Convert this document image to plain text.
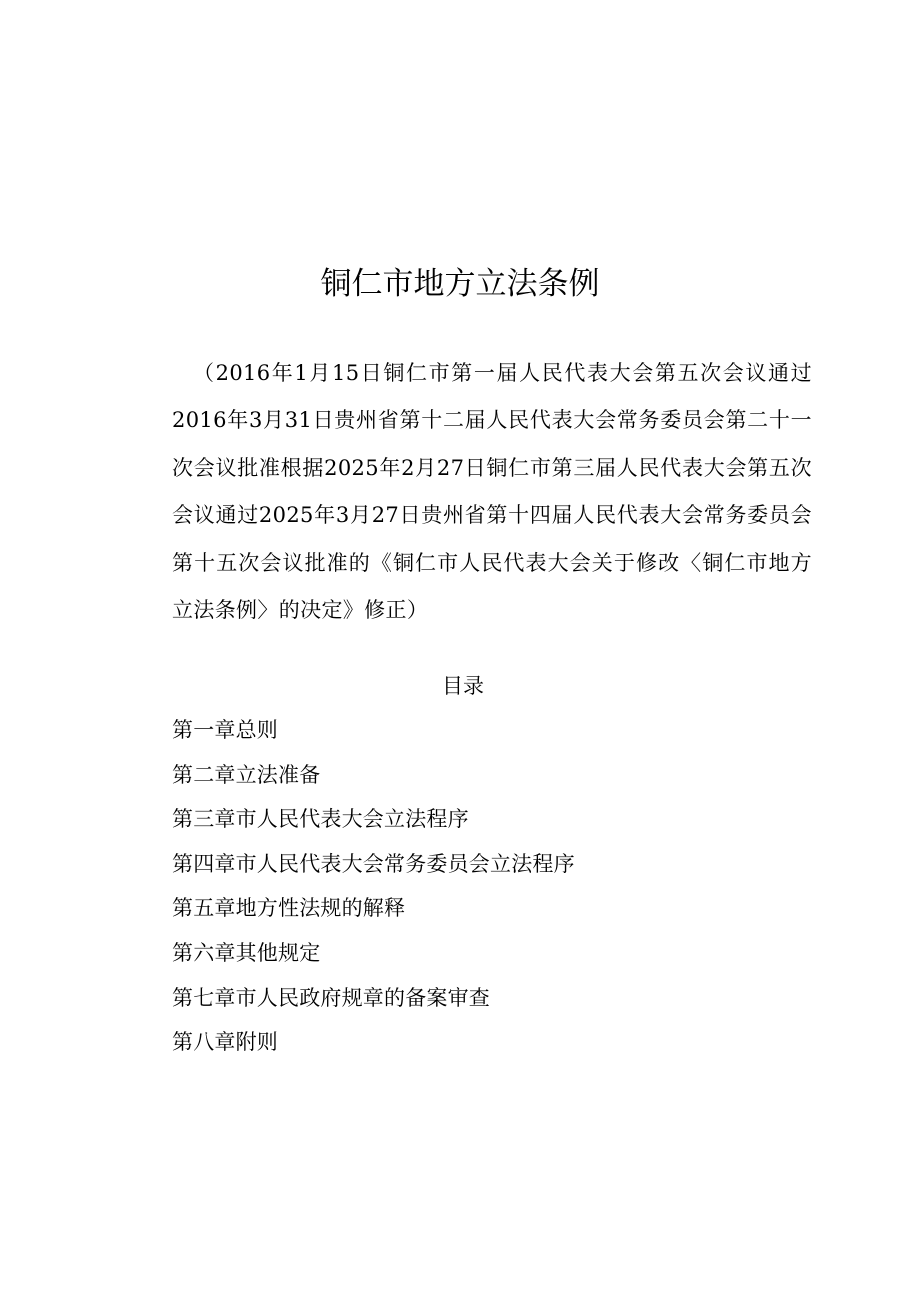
铜仁市地方立法条例

（2016年1月15日铜仁市第一届人民代表大会第五次会议通过2016年3月31日贵州省第十二届人民代表大会常务委员会第二十一次会议批准根据2025年2月27日铜仁市第三届人民代表大会第五次会议通过2025年3月27日贵州省第十四届人民代表大会常务委员会第十五次会议批准的《铜仁市人民代表大会关于修改〈铜仁市地方立法条例〉的决定》修正）

目录
第一章总则
第二章立法准备
第三章市人民代表大会立法程序
第四章市人民代表大会常务委员会立法程序
第五章地方性法规的解释
第六章其他规定
第七章市人民政府规章的备案审查
第八章附则
